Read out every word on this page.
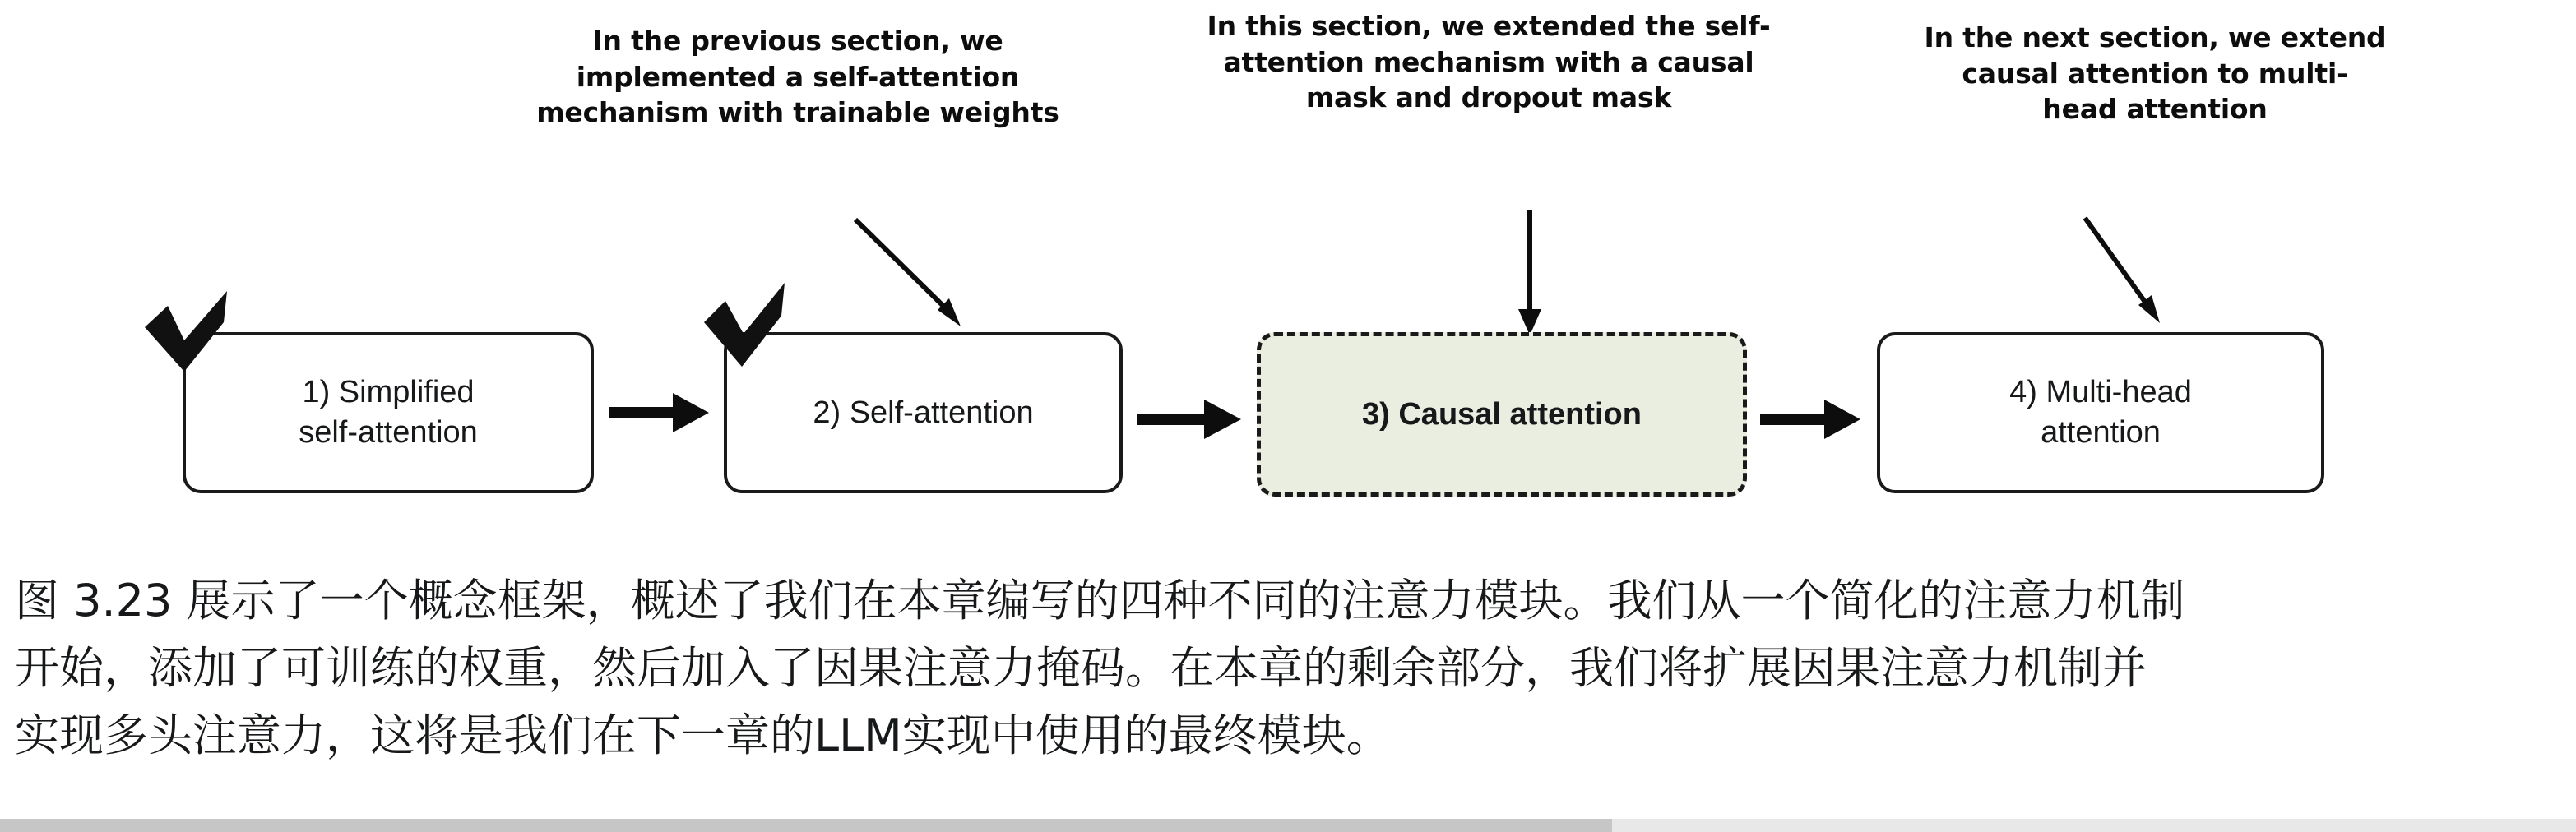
In the previous section, we
implemented a self-attention
mechanism with trainable weights
In this section, we extended the self-
attention mechanism with a causal
mask and dropout mask
In the next section, we extend
causal attention to multi-
head attention
1) Simplified
self-attention
2) Self-attention	3) Causal attention
4) Multi-head
attention
图 3.23 展示了一个概念框架，概述了我们在本章编写的四种不同的注意力模块。我们从一个简化的注意力机制
开始，添加了可训练的权重，然后加入了因果注意力掩码。在本章的剩余部分，我们将扩展因果注意力机制并
实现多头注意力，这将是我们在下一章的LLM实现中使用的最终模块。
